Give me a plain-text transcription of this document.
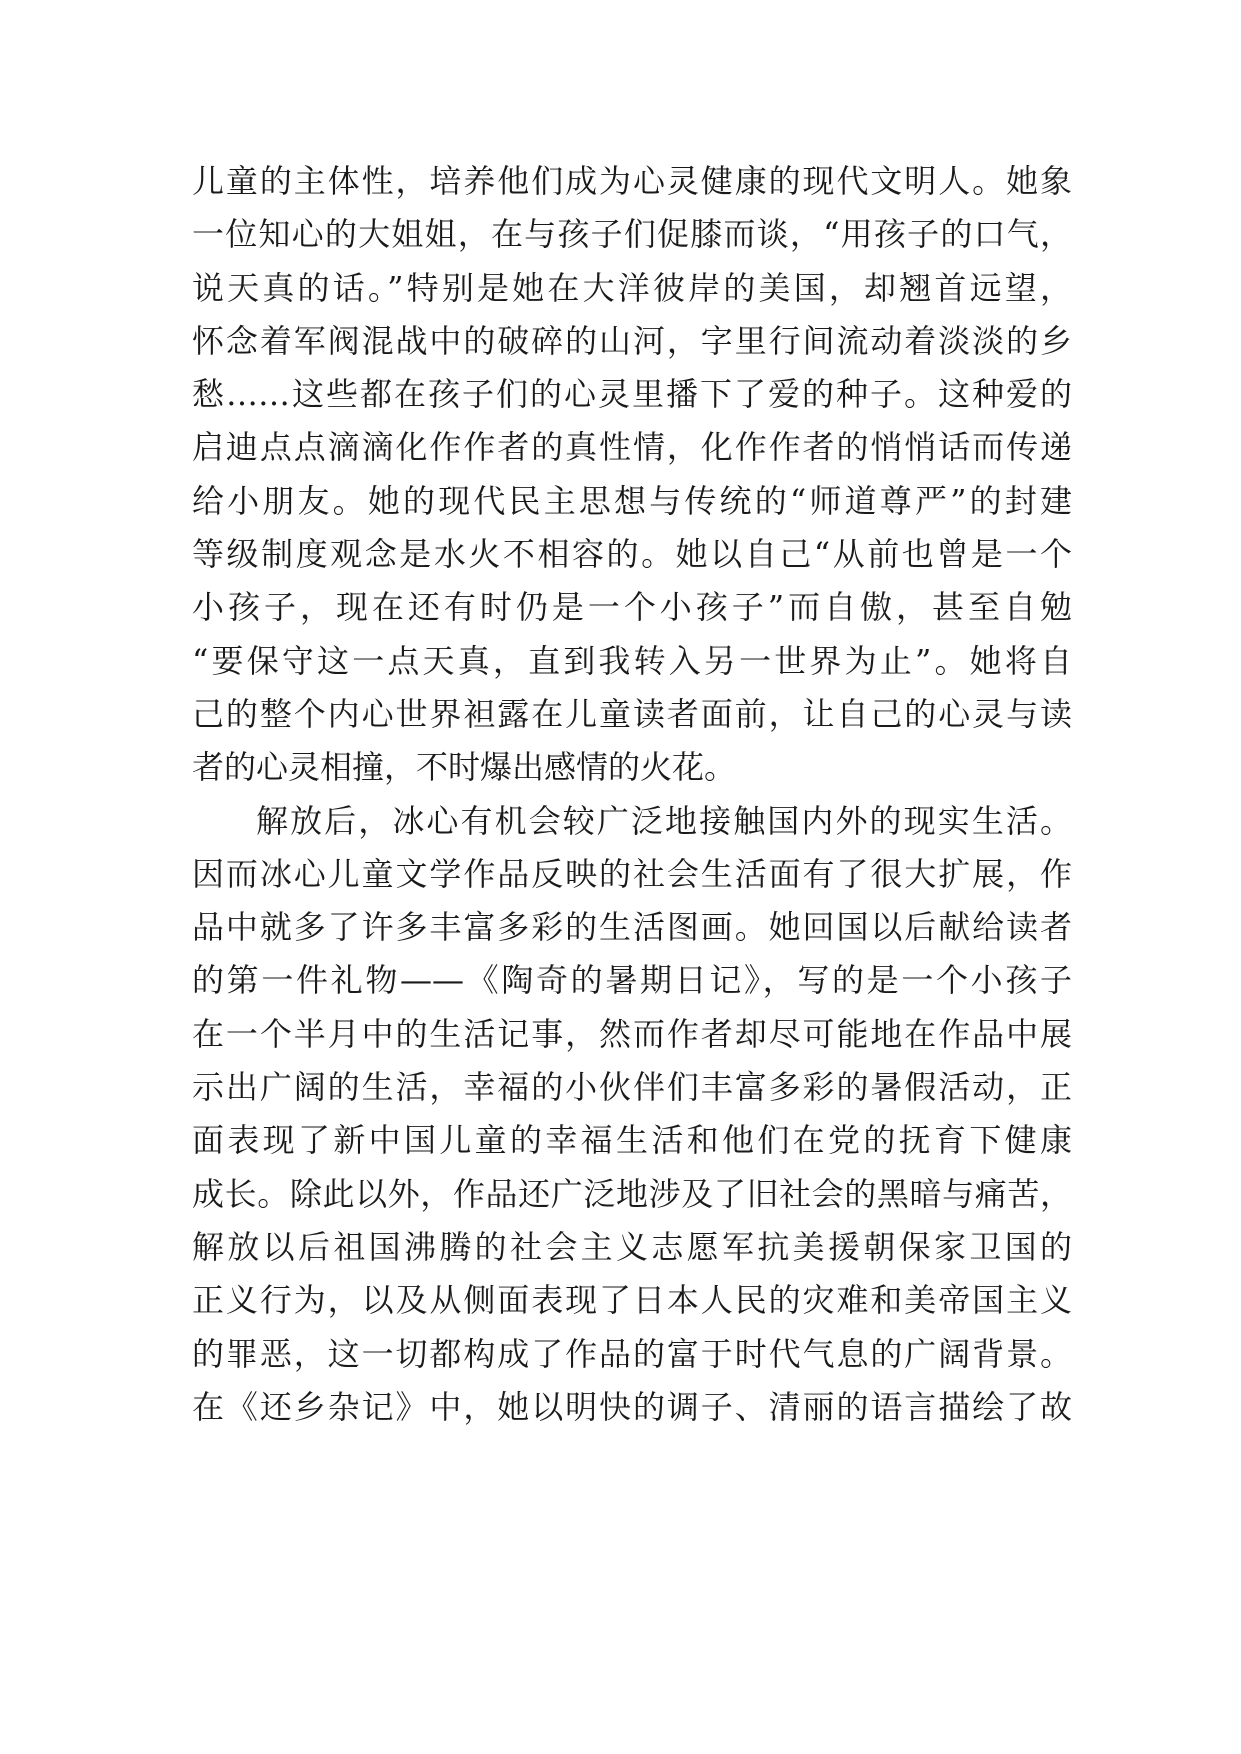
儿童的主体性，培养他们成为心灵健康的现代文明人。她象
一位知心的大姐姐，在与孩子们促膝而谈，“用孩子的口气，
说天真的话。”特别是她在大洋彼岸的美国，却翘首远望，
怀念着军阀混战中的破碎的山河，字里行间流动着淡淡的乡
愁……这些都在孩子们的心灵里播下了爱的种子。这种爱的
启迪点点滴滴化作作者的真性情，化作作者的悄悄话而传递
给小朋友。她的现代民主思想与传统的“师道尊严”的封建
等级制度观念是水火不相容的。她以自己“从前也曾是一个
小孩子，现在还有时仍是一个小孩子”而自傲，甚至自勉
“要保守这一点天真，直到我转入另一世界为止”。她将自
己的整个内心世界袒露在儿童读者面前，让自己的心灵与读
者的心灵相撞，不时爆出感情的火花。
解放后，冰心有机会较广泛地接触国内外的现实生活。
因而冰心儿童文学作品反映的社会生活面有了很大扩展，作
品中就多了许多丰富多彩的生活图画。她回国以后献给读者
的第一件礼物——《陶奇的暑期日记》，写的是一个小孩子
在一个半月中的生活记事，然而作者却尽可能地在作品中展
示出广阔的生活，幸福的小伙伴们丰富多彩的暑假活动，正
面表现了新中国儿童的幸福生活和他们在党的抚育下健康
成长。除此以外，作品还广泛地涉及了旧社会的黑暗与痛苦，
解放以后祖国沸腾的社会主义志愿军抗美援朝保家卫国的
正义行为，以及从侧面表现了日本人民的灾难和美帝国主义
的罪恶，这一切都构成了作品的富于时代气息的广阔背景。
在《还乡杂记》中，她以明快的调子、清丽的语言描绘了故
